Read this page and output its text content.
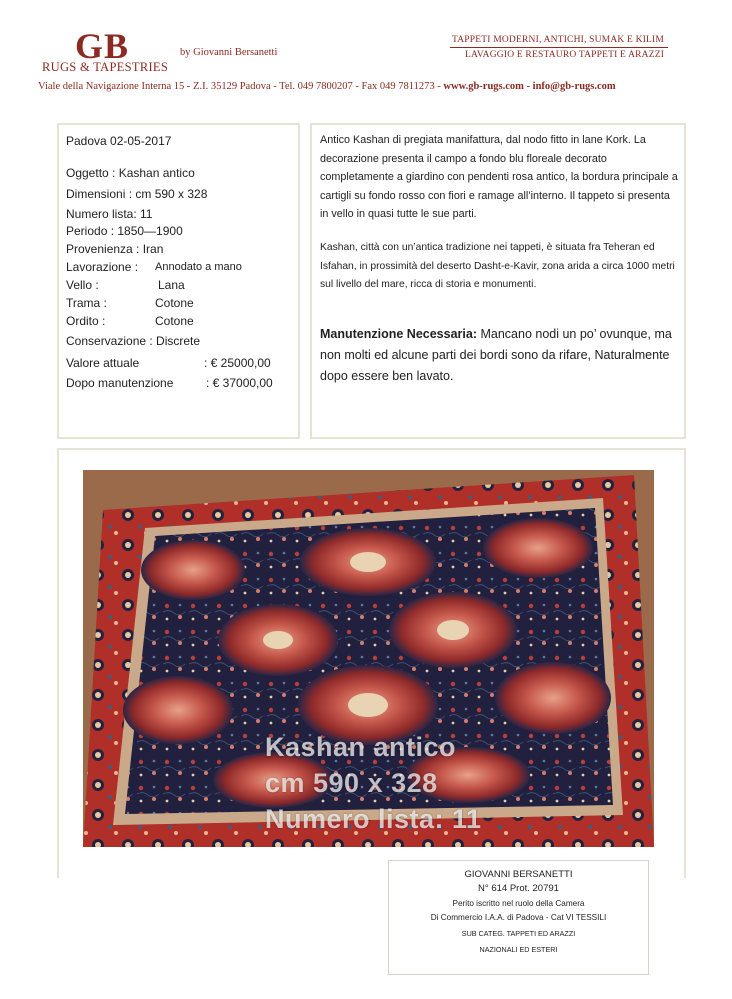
GB
RUGS & TAPESTRIES
by Giovanni Bersanetti
TAPPETI MODERNI, ANTICHI, SUMAK E KILIM
LAVAGGIO E RESTAURO TAPPETI E ARAZZI
Viale della Navigazione Interna 15 - Z.I. 35129 Padova - Tel. 049 7800207 - Fax 049 7811273 - www.gb-rugs.com - info@gb-rugs.com
Padova 02-05-2017
Oggetto : Kashan antico
Dimensioni : cm 590 x 328
Numero lista: 11
Periodo : 1850—1900
Provenienza : Iran
Lavorazione : Annodato a mano
Vello :	Lana
Trama :	Cotone
Ordito :	Cotone
Conservazione : Discrete
Valore attuale	: € 25000,00
Dopo manutenzione	: € 37000,00
Antico Kashan di pregiata manifattura, dal nodo fitto in lane Kork. La decorazione presenta il campo a fondo blu floreale decorato completamente a giardino con pendenti rosa antico, la bordura principale a cartigli su fondo rosso con fiori e ramage all’interno. Il tappeto si presenta in vello in quasi tutte le sue parti.
Kashan, città con un’antica tradizione nei tappeti, è situata fra Teheran ed Isfahan, in prossimità del deserto Dasht-e-Kavir, zona arida a circa 1000 metri sul livello del mare, ricca di storia e monumenti.
Manutenzione Necessaria: Mancano nodi un po’ ovunque, ma non molti ed alcune parti dei bordi sono da rifare, Naturalmente dopo essere ben lavato.
Kashan antico
cm 590 x 328
Numero lista: 11
GIOVANNI BERSANETTI
N° 614 Prot. 20791
Perito iscritto nel ruolo della Camera
Di Commercio I.A.A. di Padova - Cat VI TESSILI
SUB CATEG. TAPPETI ED ARAZZI
NAZIONALI ED ESTERI
